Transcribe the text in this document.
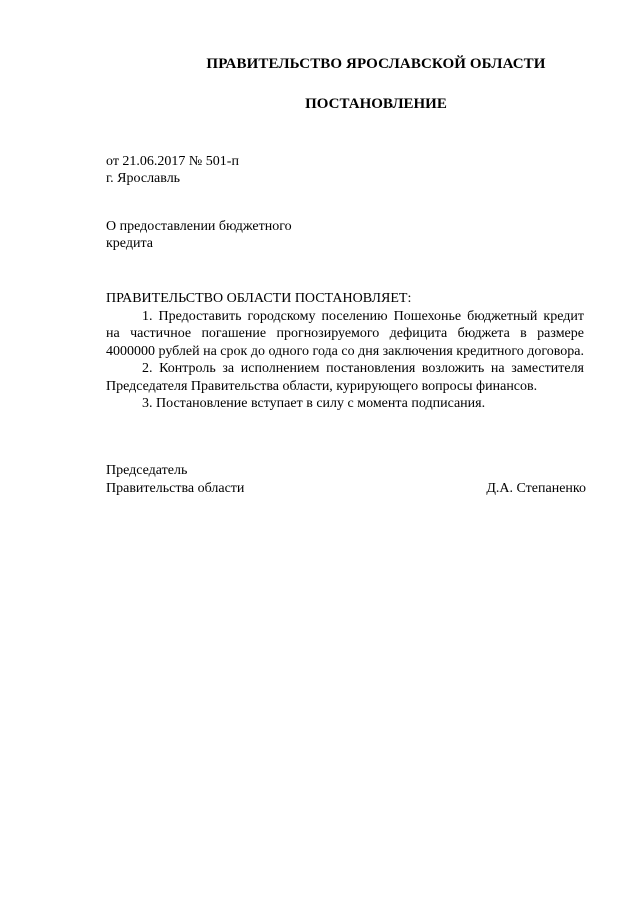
ПРАВИТЕЛЬСТВО ЯРОСЛАВСКОЙ ОБЛАСТИ
ПОСТАНОВЛЕНИЕ
от 21.06.2017 № 501-п
г. Ярославль
О предоставлении бюджетного
кредита

ПРАВИТЕЛЬСТВО ОБЛАСТИ ПОСТАНОВЛЯЕТ:

1. Предоставить городскому поселению Пошехонье бюджетный кредит на частичное погашение прогнозируемого дефицита бюджета в размере 4000000 рублей на срок до одного года со дня заключения кредитного договора.

2. Контроль за исполнением постановления возложить на заместителя Председателя Правительства области, курирующего вопросы финансов.

3. Постановление вступает в силу с момента подписания.

Председатель
Правительства области	Д.А. Степаненко
